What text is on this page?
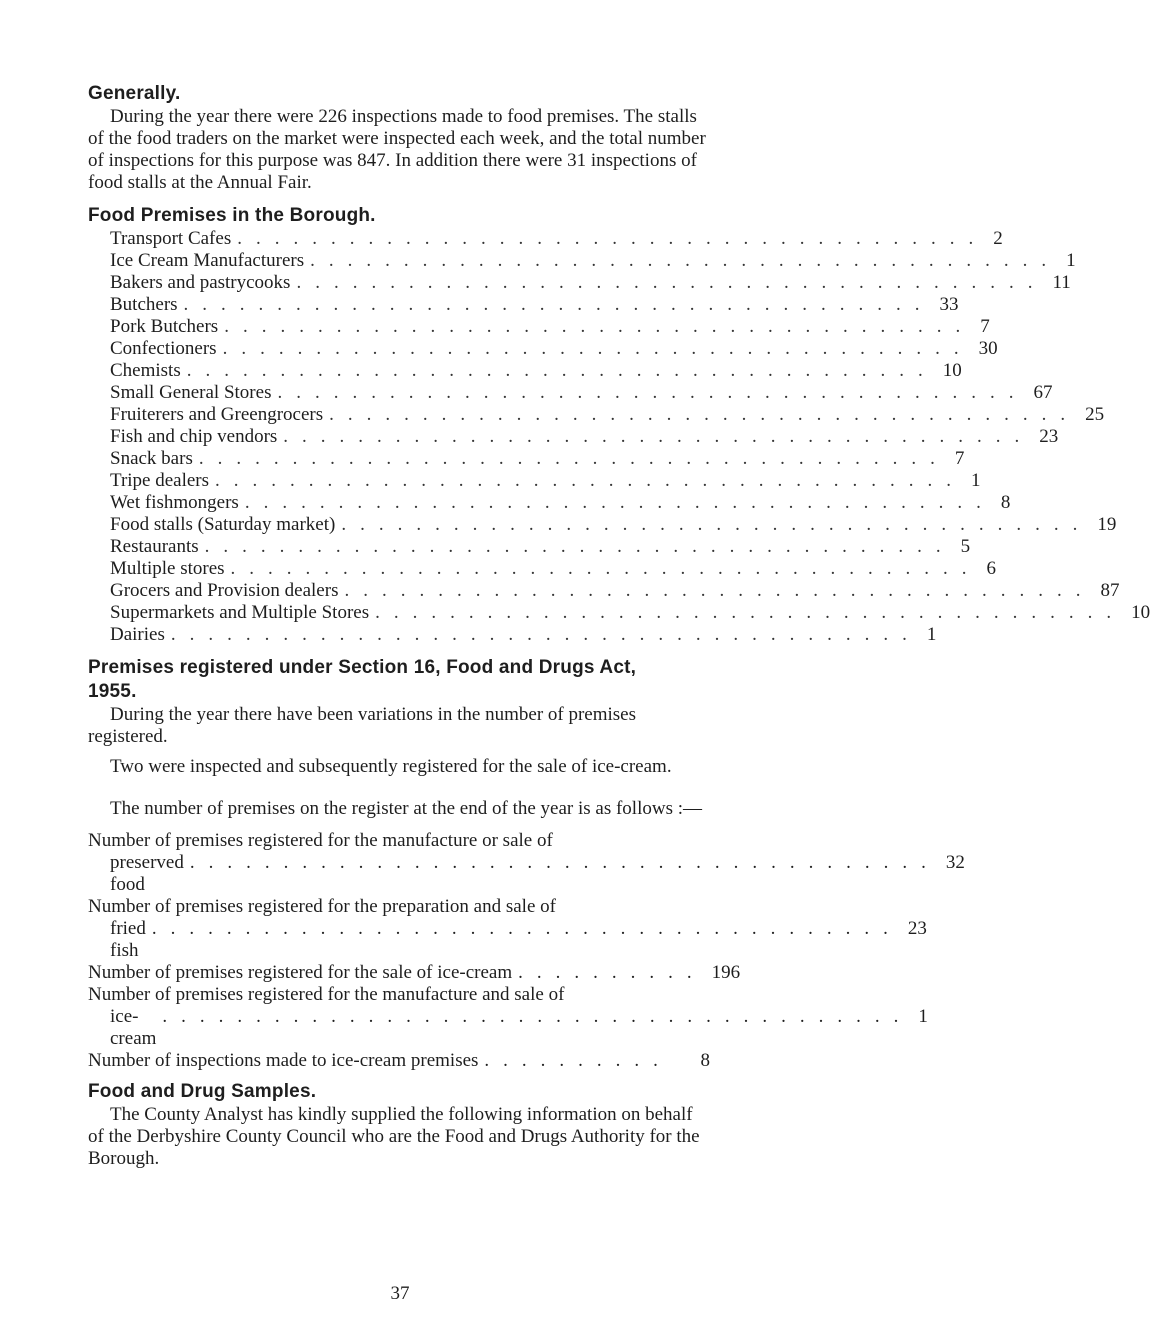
Generally.

During the year there were 226 inspections made to food premises. The stalls of the food traders on the market were inspected each week, and the total number of inspections for this purpose was 847. In addition there were 31 inspections of food stalls at the Annual Fair.

Food Premises in the Borough.
Transport Cafes ........................................ 2
Ice Cream Manufacturers ........................................ 1
Bakers and pastrycooks ........................................ 11
Butchers ........................................ 33
Pork Butchers ........................................ 7
Confectioners ........................................ 30
Chemists ........................................ 10
Small General Stores ........................................ 67
Fruiterers and Greengrocers ........................................ 25
Fish and chip vendors ........................................ 23
Snack bars ........................................ 7
Tripe dealers ........................................ 1
Wet fishmongers ........................................ 8
Food stalls (Saturday market) ........................................ 19
Restaurants ........................................ 5
Multiple stores ........................................ 6
Grocers and Provision dealers ........................................ 87
Supermarkets and Multiple Stores ........................................ 10
Dairies ........................................ 1
Premises registered under Section 16, Food and Drugs Act,
1955.

During the year there have been variations in the number of premises registered.

Two were inspected and subsequently registered for the sale of ice-cream.

The number of premises on the register at the end of the year is as follows :—

Number of premises registered for the manufacture or sale of
preserved food
........................................ 32
Number of premises registered for the preparation and sale of
fried fish
........................................ 23
Number of premises registered for the sale of ice-cream .......... 196
Number of premises registered for the manufacture and sale of
ice-cream
........................................ 1
Number of inspections made to ice-cream premises ..........	8
Food and Drug Samples.

The County Analyst has kindly supplied the following information on behalf of the Derbyshire County Council who are the Food and Drugs Authority for the Borough.

37
